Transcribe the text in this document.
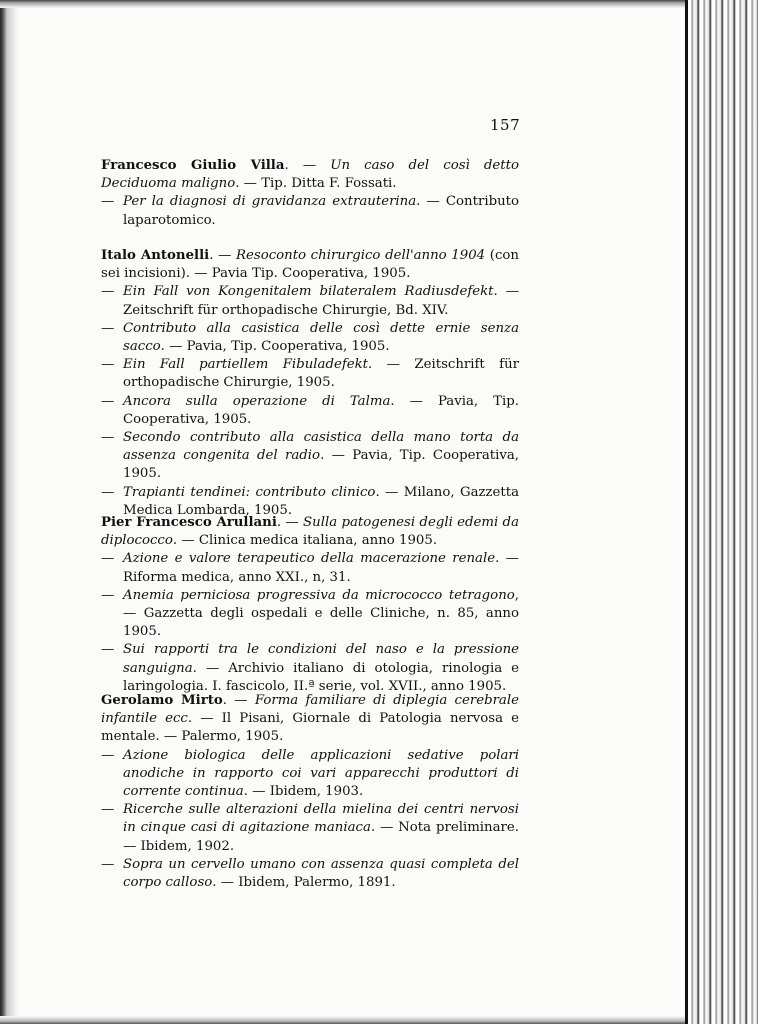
157

Francesco Giulio Villa. — Un caso del così detto Deciduoma maligno. — Tip. Ditta F. Fossati.

— Per la diagnosi di gravidanza extrauterina. — Contributo laparotomico.

Italo Antonelli. — Resoconto chirurgico dell'anno 1904 (con sei incisioni). — Pavia Tip. Cooperativa, 1905.

— Ein Fall von Kongenitalem bilateralem Radiusdefekt. — Zeitschrift für orthopadische Chirurgie, Bd. XIV.

— Contributo alla casistica delle così dette ernie senza sacco. — Pavia, Tip. Cooperativa, 1905.

— Ein Fall partiellem Fibuladefekt. — Zeitschrift für orthopadische Chirurgie, 1905.

— Ancora sulla operazione di Talma. — Pavia, Tip. Cooperativa, 1905.

— Secondo contributo alla casistica della mano torta da assenza congenita del radio. — Pavia, Tip. Cooperativa, 1905.

— Trapianti tendinei: contributo clinico. — Milano, Gazzetta Medica Lombarda, 1905.

Pier Francesco Arullani. — Sulla patogenesi degli edemi da diplococco. — Clinica medica italiana, anno 1905.

— Azione e valore terapeutico della macerazione renale. — Riforma medica, anno XXI., n, 31.

— Anemia perniciosa progressiva da micrococco tetragono, — Gazzetta degli ospedali e delle Cliniche, n. 85, anno 1905.

— Sui rapporti tra le condizioni del naso e la pressione sanguigna. — Archivio italiano di otologia, rinologia e laringologia. I. fascicolo, II.ª serie, vol. XVII., anno 1905.

Gerolamo Mirto. — Forma familiare di diplegia cerebrale infantile ecc. — Il Pisani, Giornale di Patologia nervosa e mentale. — Palermo, 1905.

— Azione biologica delle applicazioni sedative polari anodiche in rapporto coi vari apparecchi produttori di corrente continua. — Ibidem, 1903.

— Ricerche sulle alterazioni della mielina dei centri nervosi in cinque casi di agitazione maniaca. — Nota preliminare. — Ibidem, 1902.

— Sopra un cervello umano con assenza quasi completa del corpo calloso. — Ibidem, Palermo, 1891.
